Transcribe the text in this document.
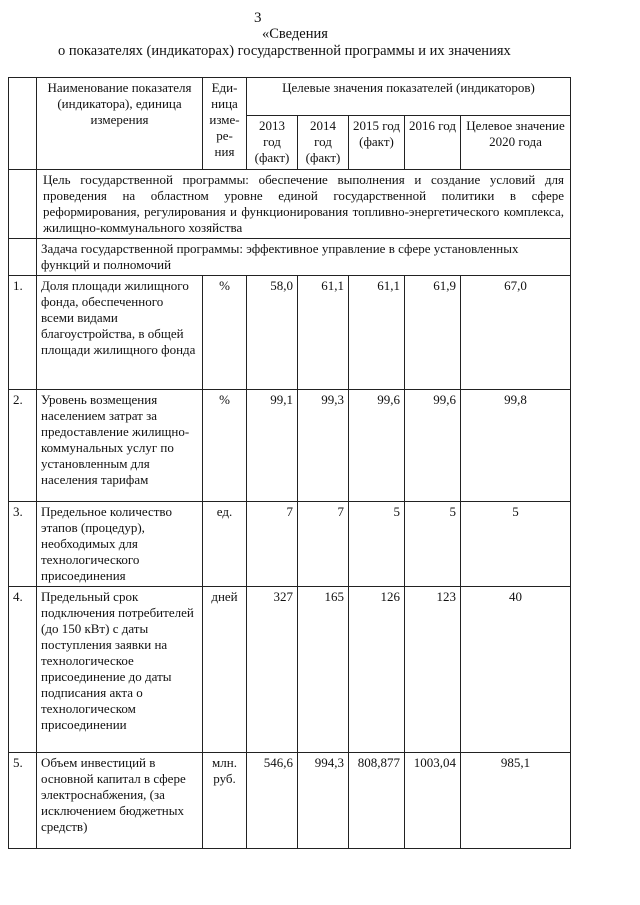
3
«Сведения
о показателях (индикаторах) государственной программы и их значениях
	Наименование показателя (индикатора), единица измерения	Еди-ница изме-ре-ния	Целевые значения показателей (индикаторов)				
			2013 год (факт)	2014 год (факт)	2015 год (факт)	2016 год	Целевое значение 2020 года
	Цель государственной программы: обеспечение выполнения и создание условий для проведения на областном уровне единой государственной политики в сфере реформирования, регулирования и функционирования топливно-энергетического комплекса, жилищно-коммунального хозяйства						
	Задача государственной программы: эффективное управление в сфере установленных функций и полномочий						
1.	Доля площади жилищного фонда, обеспеченного всеми видами благоустройства, в общей площади жилищного фонда	%	58,0	61,1	61,1	61,9	67,0
2.	Уровень возмещения населением затрат за предоставление жилищно-коммунальных услуг по установленным для населения тарифам	%	99,1	99,3	99,6	99,6	99,8
3.	Предельное количество этапов (процедур), необходимых для технологического присоединения	ед.	7	7	5	5	5
4.	Предельный срок подключения потребителей (до 150 кВт) с даты поступления заявки на технологическое присоединение до даты подписания акта о технологическом присоединении	дней	327	165	126	123	40
5.	Объем инвестиций в основной капитал в сфере электроснабжения, (за исключением бюджетных средств)	млн. руб.	546,6	994,3	808,877	1003,04	985,1
